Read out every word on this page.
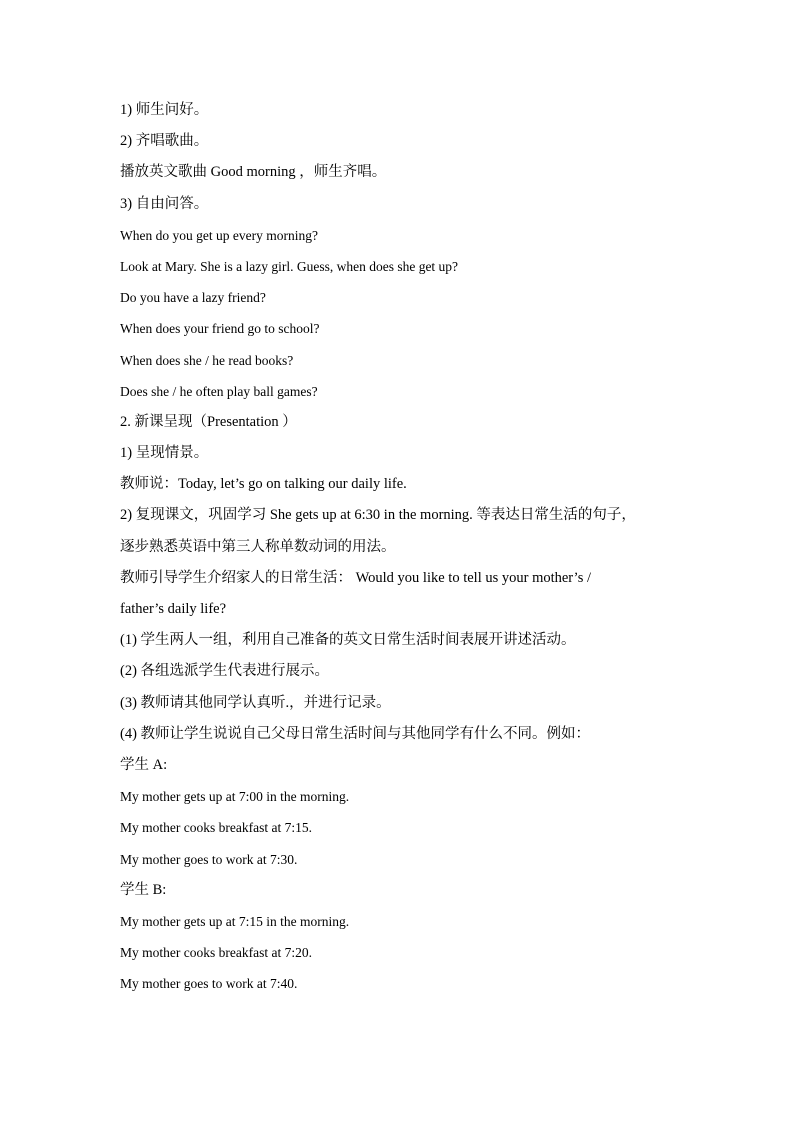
1) 师生问好。
2) 齐唱歌曲。
播放英文歌曲 Good morning ，师生齐唱。
3) 自由问答。
When do you get up every morning?
Look at Mary. She is a lazy girl. Guess, when does she get up?
Do you have a lazy friend?
When does your friend go to school?
When does she / he read books?
Does she / he often play ball games?
2. 新课呈现（Presentation ）
1) 呈现情景。
教师说：Today, let’s go on talking our daily life.
2) 复现课文，巩固学习 She gets up at 6:30 in the morning. 等表达日常生活的句子，
逐步熟悉英语中第三人称单数动词的用法。
教师引导学生介绍家人的日常生活： Would you like to tell us your mother’s /
father’s daily life?
(1) 学生两人一组，利用自己准备的英文日常生活时间表展开讲述活动。
(2) 各组选派学生代表进行展示。
(3) 教师请其他同学认真听.，并进行记录。
(4) 教师让学生说说自己父母日常生活时间与其他同学有什么不同。例如：
学生 A:
My mother gets up at 7:00 in the morning.
My mother cooks breakfast at 7:15.
My mother goes to work at 7:30.
学生 B:
My mother gets up at 7:15 in the morning.
My mother cooks breakfast at 7:20.
My mother goes to work at 7:40.
